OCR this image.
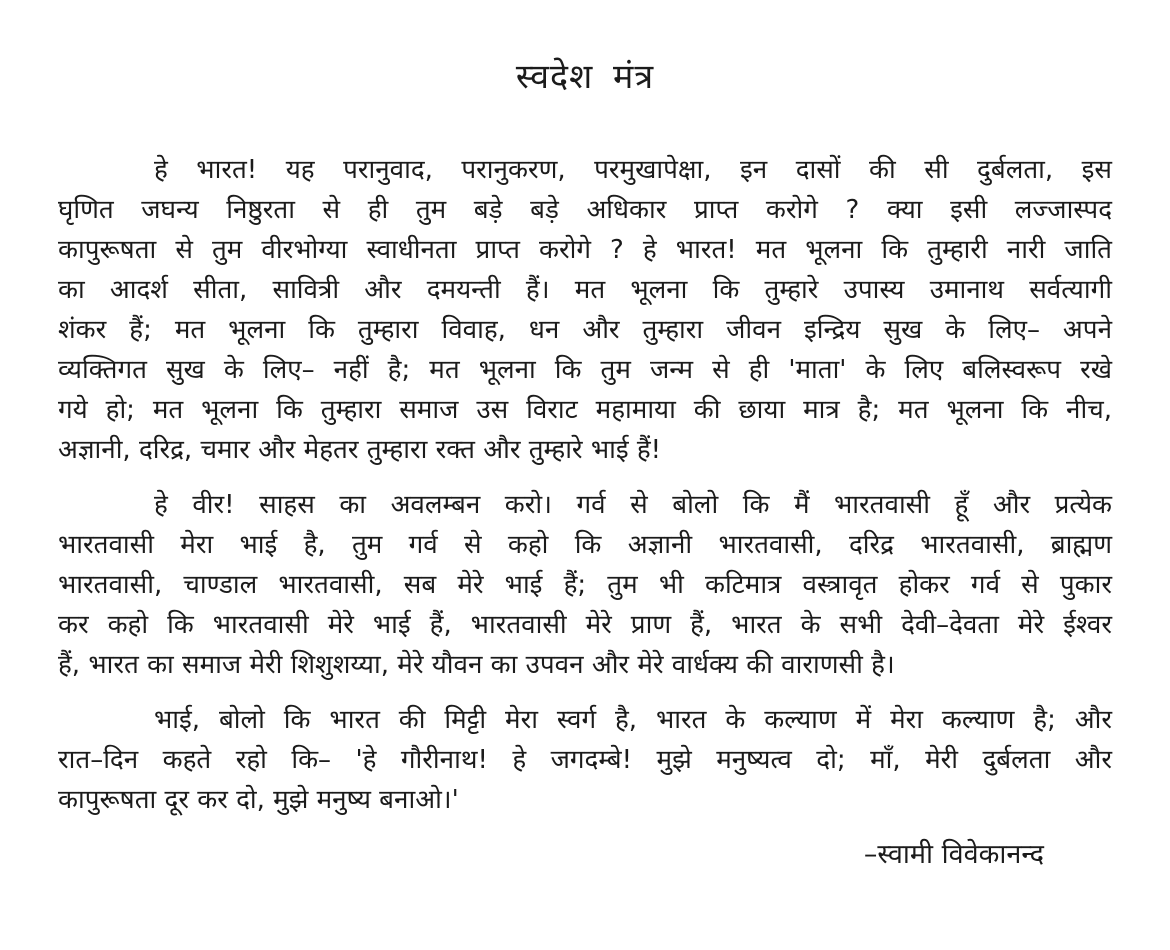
स्वदेश मंत्र
हे भारत! यह परानुवाद, परानुकरण, परमुखापेक्षा, इन दासों की सी दुर्बलता, इस
घृणित जघन्य निष्ठुरता से ही तुम बड़े बड़े अधिकार प्राप्त करोगे ? क्या इसी लज्जास्पद
कापुरूषता से तुम वीरभोग्या स्वाधीनता प्राप्त करोगे ? हे भारत! मत भूलना कि तुम्हारी नारी जाति
का आदर्श सीता, सावित्री और दमयन्ती हैं। मत भूलना कि तुम्हारे उपास्य उमानाथ सर्वत्यागी
शंकर हैं; मत भूलना कि तुम्हारा विवाह, धन और तुम्हारा जीवन इन्द्रिय सुख के लिए– अपने
व्यक्तिगत सुख के लिए– नहीं है; मत भूलना कि तुम जन्म से ही 'माता' के लिए बलिस्वरूप रखे
गये हो; मत भूलना कि तुम्हारा समाज उस विराट महामाया की छाया मात्र है; मत भूलना कि नीच,
अज्ञानी, दरिद्र, चमार और मेहतर तुम्हारा रक्त और तुम्हारे भाई हैं!
हे वीर! साहस का अवलम्बन करो। गर्व से बोलो कि मैं भारतवासी हूँ और प्रत्येक
भारतवासी मेरा भाई है, तुम गर्व से कहो कि अज्ञानी भारतवासी, दरिद्र भारतवासी, ब्राह्मण
भारतवासी, चाण्डाल भारतवासी, सब मेरे भाई हैं; तुम भी कटिमात्र वस्त्रावृत होकर गर्व से पुकार
कर कहो कि भारतवासी मेरे भाई हैं, भारतवासी मेरे प्राण हैं, भारत के सभी देवी–देवता मेरे ईश्वर
हैं, भारत का समाज मेरी शिशुशय्या, मेरे यौवन का उपवन और मेरे वार्धक्य की वाराणसी है।
भाई, बोलो कि भारत की मिट्टी मेरा स्वर्ग है, भारत के कल्याण में मेरा कल्याण है; और
रात–दिन कहते रहो कि– 'हे गौरीनाथ! हे जगदम्बे! मुझे मनुष्यत्व दो; माँ, मेरी दुर्बलता और
कापुरूषता दूर कर दो, मुझे मनुष्य बनाओ।'
–स्वामी विवेकानन्द
